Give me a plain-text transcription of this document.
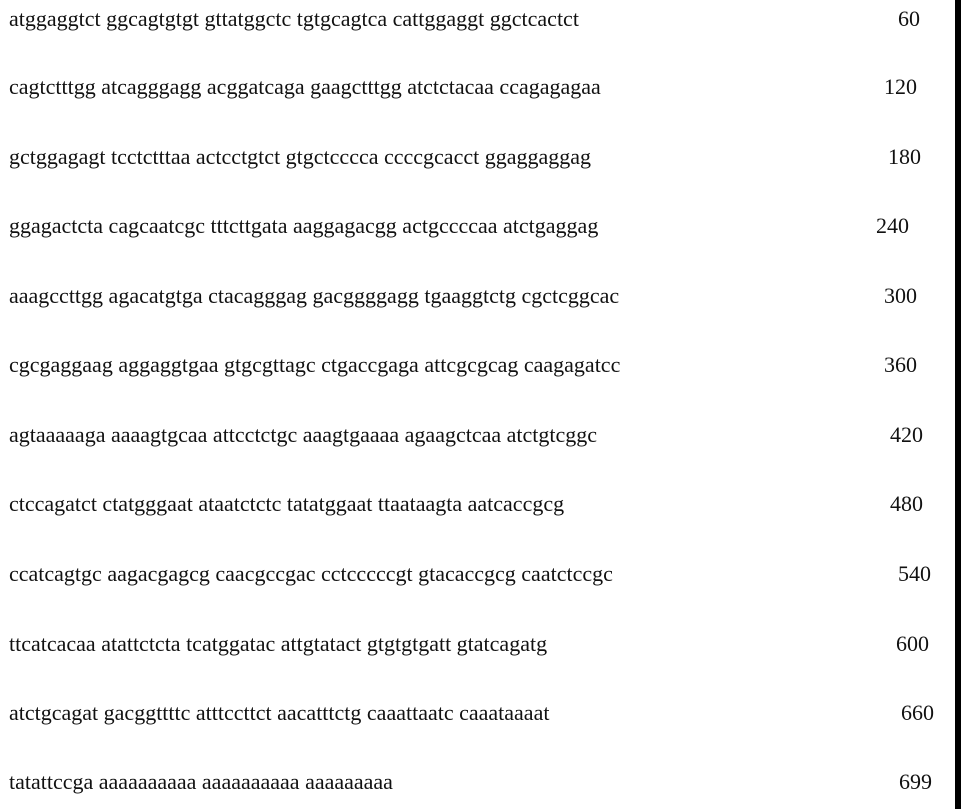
atggaggtct ggcagtgtgt gttatggctc tgtgcagtca cattggaggt ggctcactct	60
cagtctttgg atcagggagg acggatcaga gaagctttgg atctctacaa ccagagagaa	120
gctggagagt tcctctttaa actcctgtct gtgctcccca ccccgcacct ggaggaggag	180
ggagactcta cagcaatcgc tttcttgata aaggagacgg actgccccaa atctgaggag	240
aaagccttgg agacatgtga ctacagggag gacggggagg tgaaggtctg cgctcggcac	300
cgcgaggaag aggaggtgaa gtgcgttagc ctgaccgaga attcgcgcag caagagatcc	360
agtaaaaaga aaaagtgcaa attcctctgc aaagtgaaaa agaagctcaa atctgtcggc	420
ctccagatct ctatgggaat ataatctctc tatatggaat ttaataagta aatcaccgcg	480
ccatcagtgc aagacgagcg caacgccgac cctccccсgt gtacaccgcg caatctccgc	540
ttcatcacaa atattctcta tcatggatac attgtatact gtgtgtgatt gtatcagatg	600
atctgcagat gacggttttc atttccttct aacatttctg caaattaatc caaataaaat	660
tatattccga aaaaaaaaaa aaaaaaaaaa aaaaaaaaa	699
